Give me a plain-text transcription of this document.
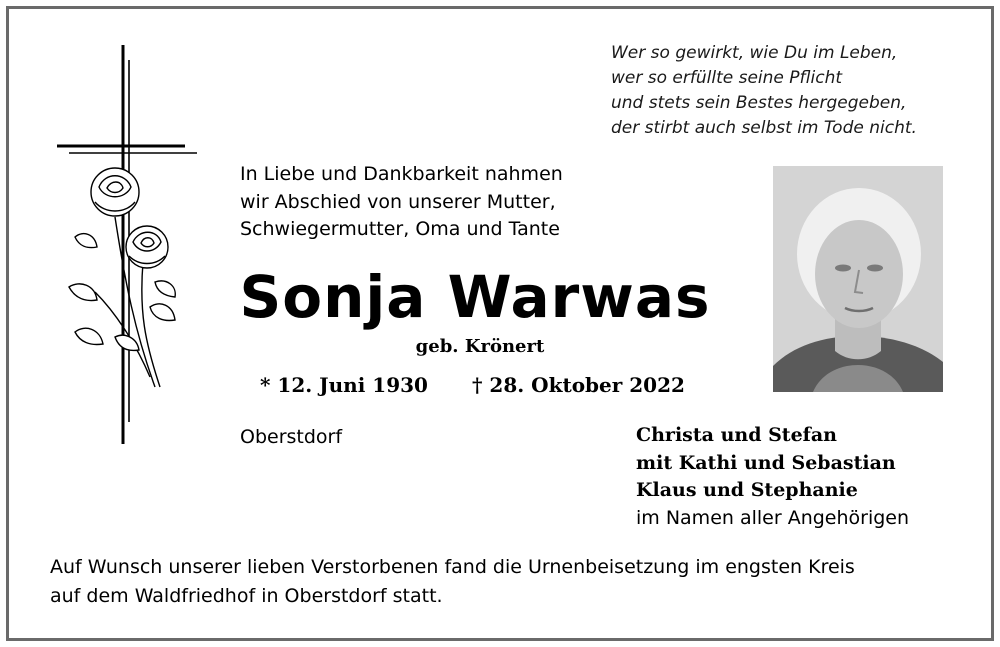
Wer so gewirkt, wie Du im Leben,
wer so erfüllte seine Pflicht
und stets sein Bestes hergegeben,
der stirbt auch selbst im Tode nicht.
In Liebe und Dankbarkeit nahmen
wir Abschied von unserer Mutter,
Schwiegermutter, Oma und Tante
Sonja Warwas
geb. Krönert
* 12. Juni 1930 † 28. Oktober 2022
Oberstdorf	Christa und Stefan
mit Kathi und Sebastian
Klaus und Stephanie
im Namen aller Angehörigen
Auf Wunsch unserer lieben Verstorbenen fand die Urnenbeisetzung im engsten Kreis
auf dem Waldfriedhof in Oberstdorf statt.
